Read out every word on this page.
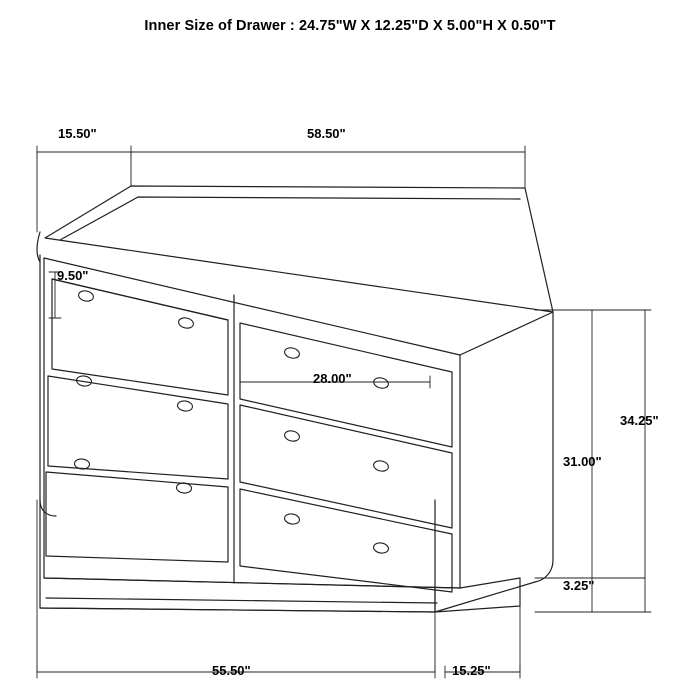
Inner Size of Drawer : 24.75"W X 12.25"D X 5.00"H X 0.50"T
15.50"	58.50"
9.50"
28.00"
34.25"
31.00"
3.25"
55.50"	15.25"
